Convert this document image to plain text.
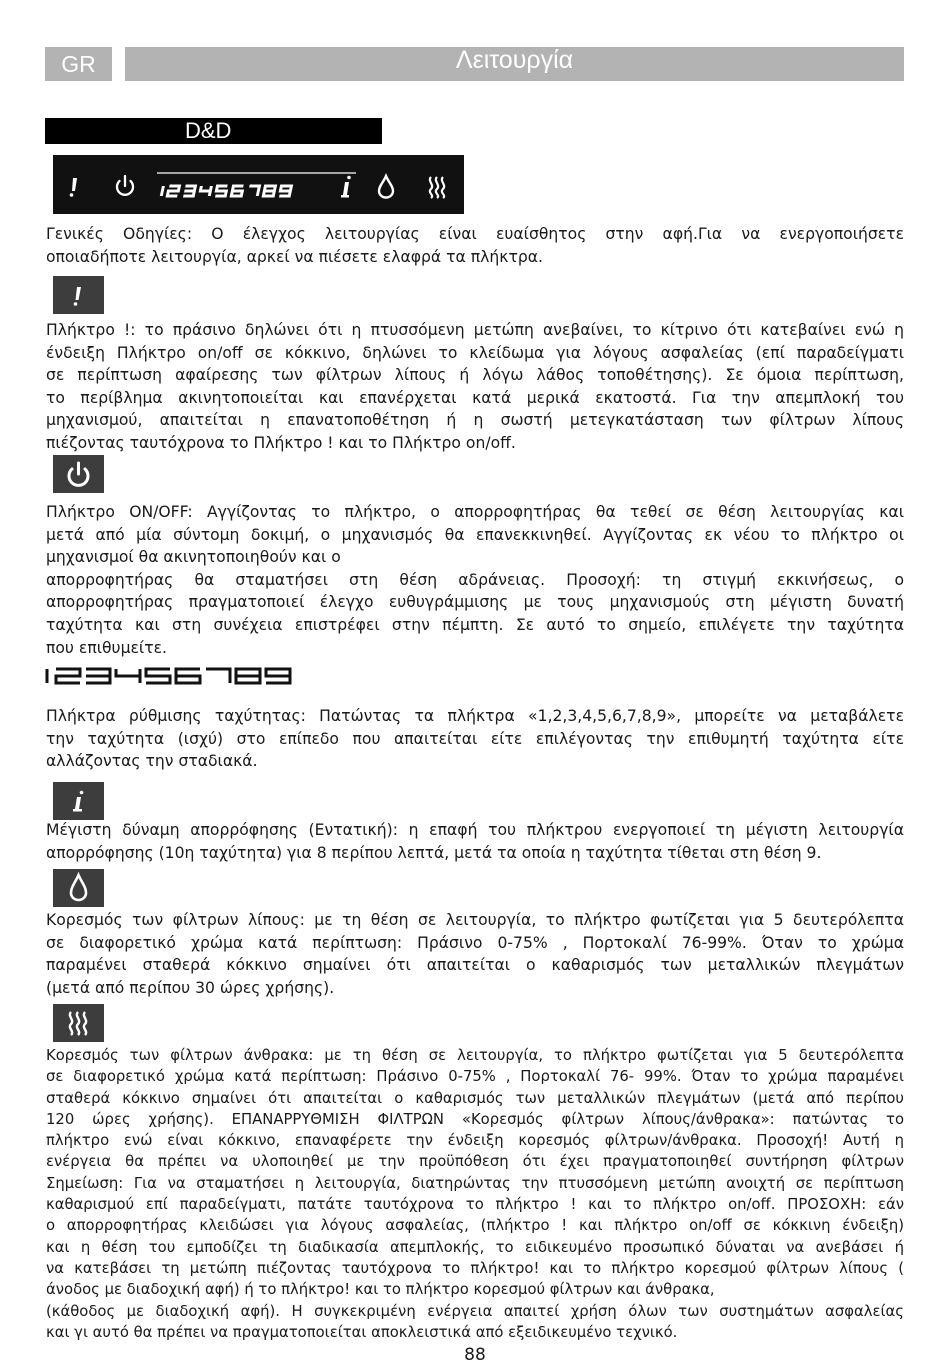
GR	Λειτουργία
D&D
Γενικές Οδηγίες: Ο έλεγχος λειτουργίας είναι ευαίσθητος στην αφή.Για να ενεργοποιήσετε
οποιαδήποτε λειτουργία, αρκεί να πιέσετε ελαφρά τα πλήκτρα.
Πλήκτρο !: το πράσινο δηλώνει ότι η πτυσσόμενη μετώπη ανεβαίνει, το κίτρινο ότι κατεβαίνει ενώ η
ένδειξη Πλήκτρο on/off σε κόκκινο, δηλώνει το κλείδωμα για λόγους ασφαλείας (επί παραδείγματι
σε περίπτωση αφαίρεσης των φίλτρων λίπους ή λόγω λάθος τοποθέτησης). Σε όμοια περίπτωση,
το περίβλημα ακινητοποιείται και επανέρχεται κατά μερικά εκατοστά. Για την απεμπλοκή του
μηχανισμού, απαιτείται η επανατοποθέτηση ή η σωστή μετεγκατάσταση των φίλτρων λίπους
πιέζοντας ταυτόχρονα το Πλήκτρο ! και το Πλήκτρο on/off.
Πλήκτρο ON/OFF: Αγγίζοντας το πλήκτρο, ο απορροφητήρας θα τεθεί σε θέση λειτουργίας και
μετά από μία σύντομη δοκιμή, ο μηχανισμός θα επανεκκινηθεί. Αγγίζοντας εκ νέου το πλήκτρο οι
μηχανισμοί θα ακινητοποιηθούν και ο
απορροφητήρας θα σταματήσει στη θέση αδράνειας. Προσοχή: τη στιγμή εκκινήσεως, ο
απορροφητήρας πραγματοποιεί έλεγχο ευθυγράμμισης με τους μηχανισμούς στη μέγιστη δυνατή
ταχύτητα και στη συνέχεια επιστρέφει στην πέμπτη. Σε αυτό το σημείο, επιλέγετε την ταχύτητα
που επιθυμείτε.
Πλήκτρα ρύθμισης ταχύτητας: Πατώντας τα πλήκτρα «1,2,3,4,5,6,7,8,9», μπορείτε να μεταβάλετε
την ταχύτητα (ισχύ) στο επίπεδο που απαιτείται είτε επιλέγοντας την επιθυμητή ταχύτητα είτε
αλλάζοντας την σταδιακά.
Μέγιστη δύναμη απορρόφησης (Εντατική): η επαφή του πλήκτρου ενεργοποιεί τη μέγιστη λειτουργία
απορρόφησης (10η ταχύτητα) για 8 περίπου λεπτά, μετά τα οποία η ταχύτητα τίθεται στη θέση 9.
Κορεσμός των φίλτρων λίπους: με τη θέση σε λειτουργία, το πλήκτρο φωτίζεται για 5 δευτερόλεπτα
σε διαφορετικό χρώμα κατά περίπτωση: Πράσινο 0-75% , Πορτοκαλί 76-99%. Όταν το χρώμα
παραμένει σταθερά κόκκινο σημαίνει ότι απαιτείται ο καθαρισμός των μεταλλικών πλεγμάτων
(μετά από περίπου 30 ώρες χρήσης).
Κορεσμός των φίλτρων άνθρακα: με τη θέση σε λειτουργία, το πλήκτρο φωτίζεται για 5 δευτερόλεπτα
σε διαφορετικό χρώμα κατά περίπτωση: Πράσινο 0-75% , Πορτοκαλί 76- 99%. Όταν το χρώμα παραμένει
σταθερά κόκκινο σημαίνει ότι απαιτείται ο καθαρισμός των μεταλλικών πλεγμάτων (μετά από περίπου
120 ώρες χρήσης). ΕΠΑΝΑΡΡΥΘΜΙΣΗ ΦΙΛΤΡΩΝ «Κορεσμός φίλτρων λίπους/άνθρακα»: πατώντας το
πλήκτρο ενώ είναι κόκκινο, επαναφέρετε την ένδειξη κορεσμός φίλτρων/άνθρακα. Προσοχή! Αυτή η
ενέργεια θα πρέπει να υλοποιηθεί με την προϋπόθεση ότι έχει πραγματοποιηθεί συντήρηση φίλτρων
Σημείωση: Για να σταματήσει η λειτουργία, διατηρώντας την πτυσσόμενη μετώπη ανοιχτή σε περίπτωση
καθαρισμού επί παραδείγματι, πατάτε ταυτόχρονα το πλήκτρο ! και το πλήκτρο on/off. ΠΡΟΣΟΧΗ: εάν
ο απορροφητήρας κλειδώσει για λόγους ασφαλείας, (πλήκτρο ! και πλήκτρο on/off σε κόκκινη ένδειξη)
και η θέση του εμποδίζει τη διαδικασία απεμπλοκής, το ειδικευμένο προσωπικό δύναται να ανεβάσει ή
να κατεβάσει τη μετώπη πιέζοντας ταυτόχρονα το πλήκτρο! και το πλήκτρο κορεσμού φίλτρων λίπους (
άνοδος με διαδοχική αφή) ή το πλήκτρο! και το πλήκτρο κορεσμού φίλτρων και άνθρακα,
(κάθοδος με διαδοχική αφή). Η συγκεκριμένη ενέργεια απαιτεί χρήση όλων των συστημάτων ασφαλείας
και γι αυτό θα πρέπει να πραγματοποιείται αποκλειστικά από εξειδικευμένο τεχνικό.
88
